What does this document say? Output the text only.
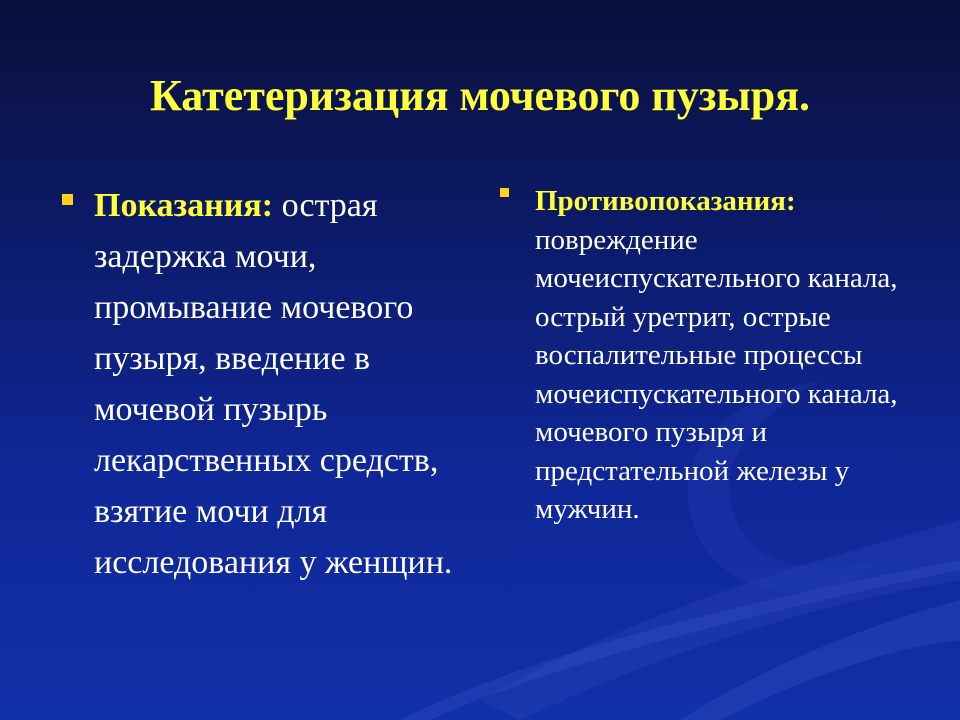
Катетеризация мочевого пузыря.

Показания: острая задержка мочи, промывание мочевого пузыря, введение в мочевой пузырь лекарственных средств, взятие мочи для исследования у женщин.

Противопоказания: повреждение мочеиспускательного канала, острый уретрит, острые воспалительные процессы мочеиспускательного канала, мочевого пузыря и предстательной железы у мужчин.
